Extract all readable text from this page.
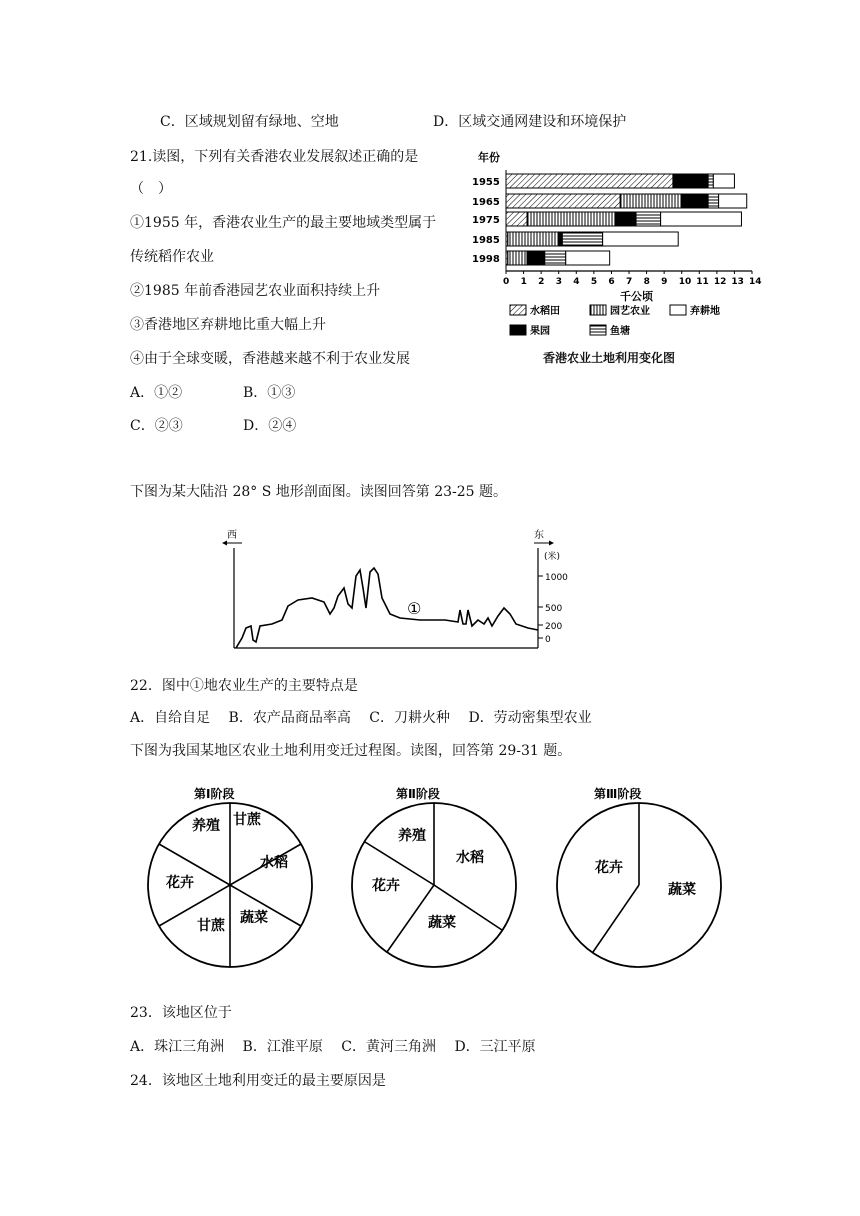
C．区域规划留有绿地、空地	D．区域交通网建设和环境保护
21.读图，下列有关香港农业发展叙述正确的是
（　）
①1955 年，香港农业生产的最主要地域类型属于
传统稻作农业
②1985 年前香港园艺农业面积持续上升
③香港地区弃耕地比重大幅上升
④由于全球变暖，香港越来越不利于农业发展
A．①②	B．①③
C．②③	D．②④
年份
1955
1965
1975
1985
1998
0 1 2 3 4 5 6 7 8 9 10 11 12 13 14
千公顷
水稻田	园艺农业	弃耕地
果园	鱼塘
香港农业土地利用变化图
下图为某大陆沿 28° S 地形剖面图。读图回答第 23-25 题。
西	东
(米)
1000
500
200
0
①
22．图中①地农业生产的主要特点是
A．自给自足　 B．农产品商品率高　 C．刀耕火种　 D．劳动密集型农业
下图为我国某地区农业土地利用变迁过程图。读图，回答第 29-31 题。
第Ⅰ阶段
养殖 甘蔗
水稻
蔬菜
甘蔗
花卉
第Ⅱ阶段
养殖
水稻
花卉
蔬菜
第Ⅲ阶段
花卉
蔬菜
23．该地区位于
A．珠江三角洲　 B．江淮平原　 C．黄河三角洲　 D．三江平原
24．该地区土地利用变迁的最主要原因是
